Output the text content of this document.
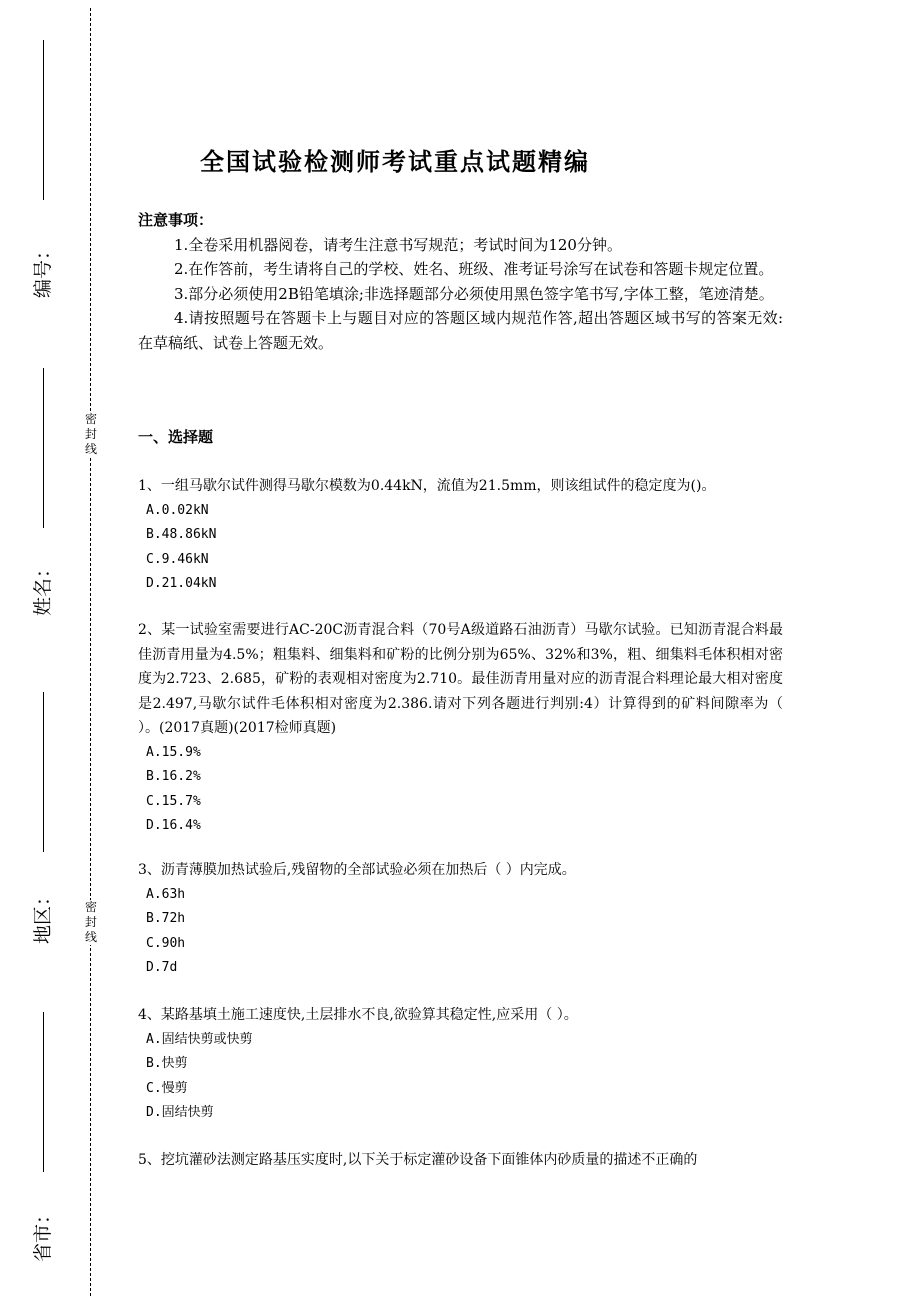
密
封
线
密
封
线
编号：
姓名：
地区：
省市：
全国试验检测师考试重点试题精编
注意事项：

1.全卷采用机器阅卷，请考生注意书写规范；考试时间为120分钟。

2.在作答前，考生请将自己的学校、姓名、班级、准考证号涂写在试卷和答题卡规定位置。

3.部分必须使用2B铅笔填涂;非选择题部分必须使用黑色签字笔书写,字体工整，笔迹清楚。

4.请按照题号在答题卡上与题目对应的答题区域内规范作答,超出答题区域书写的答案无效:在草稿纸、试卷上答题无效。

一、选择题

1、一组马歇尔试件测得马歇尔模数为0.44kN，流值为21.5mm，则该组试件的稳定度为()。

A.0.02kN

B.48.86kN

C.9.46kN

D.21.04kN

2、某一试验室需要进行AC-20C沥青混合料（70号A级道路石油沥青）马歇尔试验。已知沥青混合料最佳沥青用量为4.5%；粗集料、细集料和矿粉的比例分别为65%、32%和3%，粗、细集料毛体积相对密度为2.723、2.685，矿粉的表观相对密度为2.710。最佳沥青用量对应的沥青混合料理论最大相对密度是2.497,马歇尔试件毛体积相对密度为2.386.请对下列各题进行判别:4）计算得到的矿料间隙率为（ ）。(2017真题)(2017检师真题)

A.15.9%

B.16.2%

C.15.7%

D.16.4%

3、沥青薄膜加热试验后,残留物的全部试验必须在加热后（ ）内完成。

A.63h

B.72h

C.90h

D.7d

4、某路基填土施工速度快,土层排水不良,欲验算其稳定性,应采用（ ）。

A.固结快剪或快剪

B.快剪

C.慢剪

D.固结快剪

5、挖坑灌砂法测定路基压实度时,以下关于标定灌砂设备下面锥体内砂质量的描述不正确的
